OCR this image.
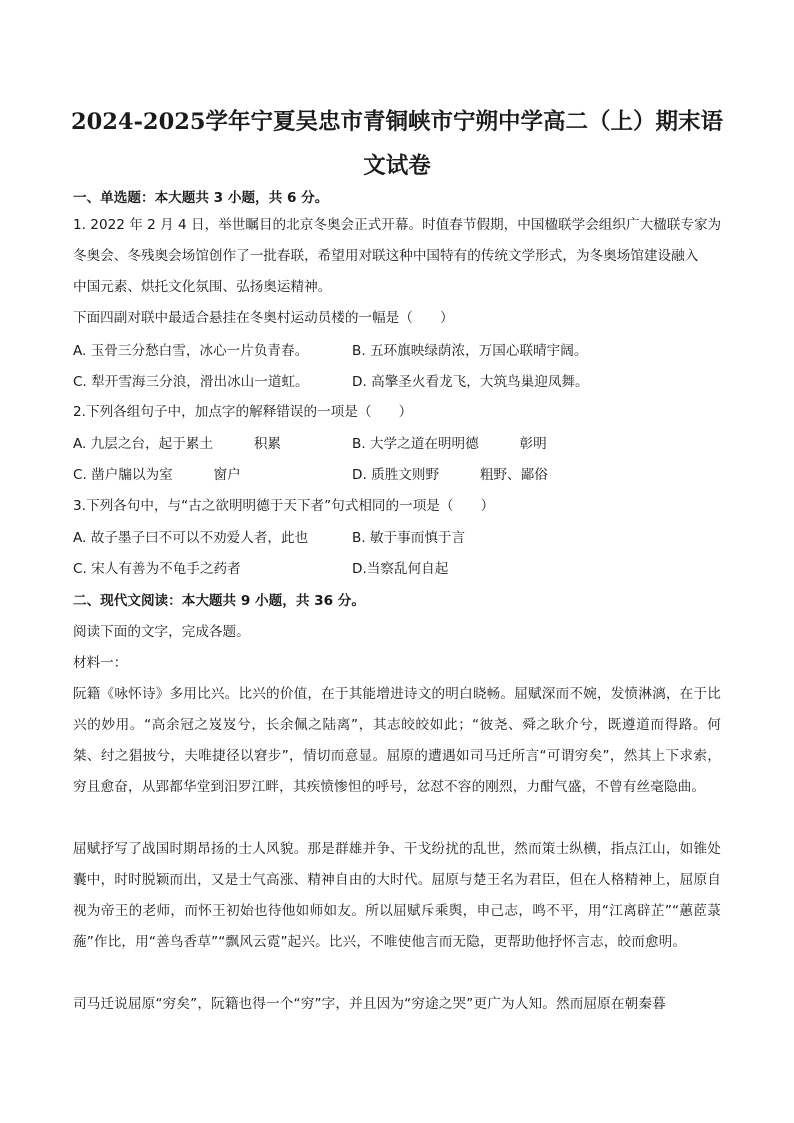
2024-2025学年宁夏吴忠市青铜峡市宁朔中学高二（上）期末语文试卷
一、单选题：本大题共 3 小题，共 6 分。
1. 2022 年 2 月 4 日，举世瞩目的北京冬奥会正式开幕。时值春节假期，中国楹联学会组织广大楹联专家为
冬奥会、冬残奥会场馆创作了一批春联，希望用对联这种中国特有的传统文学形式，为冬奥场馆建设融入
中国元素、烘托文化氛围、弘扬奥运精神。
下面四副对联中最适合悬挂在冬奥村运动员楼的一幅是（　　）
A. 玉骨三分愁白雪，冰心一片负青春。	B. 五环旗映绿荫浓，万国心联晴宇阔。
C. 犁开雪海三分浪，滑出冰山一道虹。	D. 高擎圣火看龙飞，大筑鸟巢迎凤舞。
2.下列各组句子中，加点字的解释错误的一项是（　　）
A. 九层之台，起于累土　　　积累	B. 大学之道在明明德　　　彰明
C. 凿户牖以为室　　　窗户	D. 质胜文则野　　　粗野、鄙俗
3.下列各句中，与“古之欲明明德于天下者”句式相同的一项是（　　）
A. 故子墨子曰不可以不劝爱人者，此也	B. 敏于事而慎于言
C. 宋人有善为不龟手之药者	D.当察乱何自起
二、现代文阅读：本大题共 9 小题，共 36 分。
阅读下面的文字，完成各题。
材料一：
阮籍《咏怀诗》多用比兴。比兴的价值，在于其能增进诗文的明白晓畅。屈赋深而不婉，发愤淋漓，在于比兴的妙用。“高余冠之岌岌兮，长余佩之陆离”，其志皎皎如此；“彼尧、舜之耿介兮，既遵道而得路。何桀、纣之猖披兮，夫唯捷径以窘步”，情切而意显。屈原的遭遇如司马迁所言“可谓穷矣”，然其上下求索，穷且愈奋，从郢都华堂到汨罗江畔，其疾愤惨怛的呼号，忿怼不容的刚烈，力酣气盛，不曾有丝毫隐曲。
屈赋抒写了战国时期昂扬的士人风貌。那是群雄并争、干戈纷扰的乱世，然而策士纵横，指点江山，如锥处囊中，时时脱颖而出，又是士气高涨、精神自由的大时代。屈原与楚王名为君臣，但在人格精神上，屈原自视为帝王的老师，而怀王初始也待他如师如友。所以屈赋斥乘舆，申己志，鸣不平，用“江离辟芷”“蕙茝菉葹”作比，用“善鸟香草”“飘风云霓”起兴。比兴，不唯使他言而无隐，更帮助他抒怀言志，皎而愈明。
司马迁说屈原“穷矣”，阮籍也得一个“穷”字，并且因为“穷途之哭”更广为人知。然而屈原在朝秦暮
